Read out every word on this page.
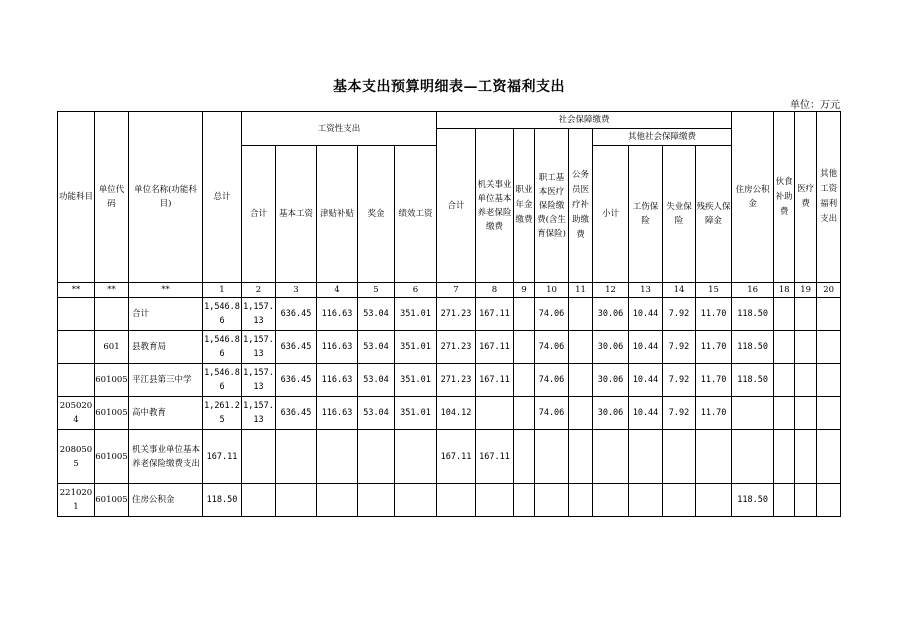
基本支出预算明细表—工资福利支出
单位：万元
功能科目	单位代码	单位名称(功能科目)	总计	工资性支出					社会保障缴费									住房公积金	伙食补助费	医疗费	其他工资福利支出
									合计	机关事业单位基本养老保险缴费	职业年金缴费	职工基本医疗保险缴费(含生育保险)	公务员医疗补助缴费	其他社会保障缴费							
				合计	基本工资	津贴补贴	奖金	绩效工资						小计	工伤保险	失业保险	残疾人保障金				
**	**	**	1	2	3	4	5	6	7	8	9	10	11	12	13	14	15	16	18	19	20
		合计	1,546.86	1,157.13	636.45	116.63	53.04	351.01	271.23	167.11		74.06		30.06	10.44	7.92	11.70	118.50			
	601	县教育局	1,546.86	1,157.13	636.45	116.63	53.04	351.01	271.23	167.11		74.06		30.06	10.44	7.92	11.70	118.50			
	601005	平江县第三中学	1,546.86	1,157.13	636.45	116.63	53.04	351.01	271.23	167.11		74.06		30.06	10.44	7.92	11.70	118.50			
2050204	601005	高中教育	1,261.25	1,157.13	636.45	116.63	53.04	351.01	104.12			74.06		30.06	10.44	7.92	11.70				
2080505	601005	机关事业单位基本养老保险缴费支出	167.11						167.11	167.11											
2210201	601005	住房公积金	118.50															118.50			
